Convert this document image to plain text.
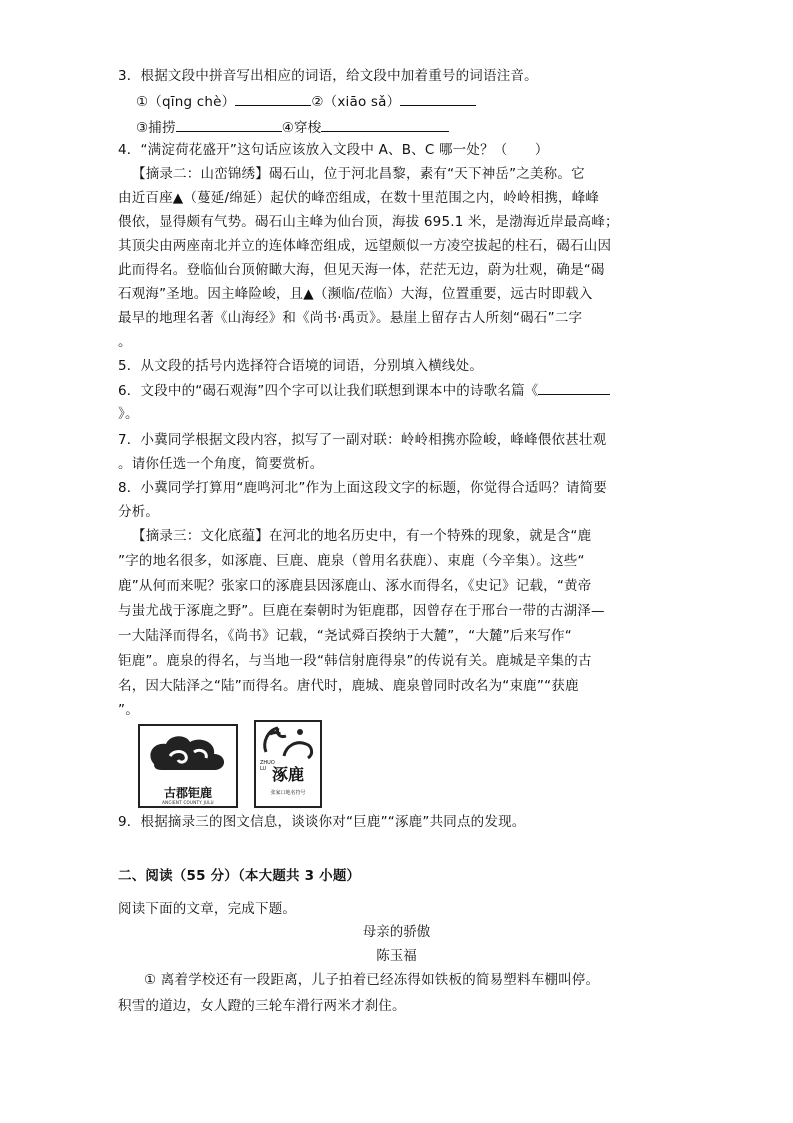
3．根据文段中拼音写出相应的词语，给文段中加着重号的词语注音。
①（qīng chè）	②（xiāo sǎ）
③捕捞	④穿梭
4．“满淀荷花盛开”这句话应该放入文段中 A、B、C 哪一处？（　　）
【摘录二：山峦锦绣】碣石山，位于河北昌黎，素有“天下神岳”之美称。它
由近百座▲（蔓延/绵延）起伏的峰峦组成，在数十里范围之内，岭岭相携，峰峰
偎依，显得颇有气势。碣石山主峰为仙台顶，海拔 695.1 米，是渤海近岸最高峰；
其顶尖由两座南北并立的连体峰峦组成，远望颇似一方凌空拔起的柱石，碣石山因
此而得名。登临仙台顶俯瞰大海，但见天海一体，茫茫无边，蔚为壮观，确是“碣
石观海”圣地。因主峰险峻，且▲（濒临/莅临）大海，位置重要，远古时即载入
最早的地理名著《山海经》和《尚书·禹贡》。悬崖上留存古人所刻“碣石”二字
。
5．从文段的括号内选择符合语境的词语，分别填入横线处。
6．文段中的“碣石观海”四个字可以让我们联想到课本中的诗歌名篇《
》。
7．小冀同学根据文段内容，拟写了一副对联：岭岭相携亦险峻，峰峰偎依甚壮观
。请你任选一个角度，简要赏析。
8．小冀同学打算用“鹿鸣河北”作为上面这段文字的标题，你觉得合适吗？请简要
分析。
【摘录三：文化底蕴】在河北的地名历史中，有一个特殊的现象，就是含“鹿
”字的地名很多，如涿鹿、巨鹿、鹿泉（曾用名获鹿）、束鹿（今辛集）。这些“
鹿”从何而来呢？张家口的涿鹿县因涿鹿山、涿水而得名，《史记》记载，“黄帝
与蚩尤战于涿鹿之野”。巨鹿在秦朝时为钜鹿郡，因曾存在于邢台一带的古湖泽—
一大陆泽而得名，《尚书》记载，“尧试舜百揆纳于大麓”，“大麓”后来写作“
钜鹿”。鹿泉的得名，与当地一段“韩信射鹿得泉”的传说有关。鹿城是辛集的古
名，因大陆泽之“陆”而得名。唐代时，鹿城、鹿泉曾同时改名为“束鹿”“获鹿
”。
古郡钜鹿
ANCIENT COUNTY JULU
ZHUO
LU 涿鹿
张家口地名符号
9．根据摘录三的图文信息，谈谈你对“巨鹿”“涿鹿”共同点的发现。
二、阅读（55 分）（本大题共 3 小题）
阅读下面的文章，完成下题。
母亲的骄傲
陈玉福
① 离着学校还有一段距离，儿子拍着已经冻得如铁板的简易塑料车棚叫停。
积雪的道边，女人蹬的三轮车滑行两米才刹住。
